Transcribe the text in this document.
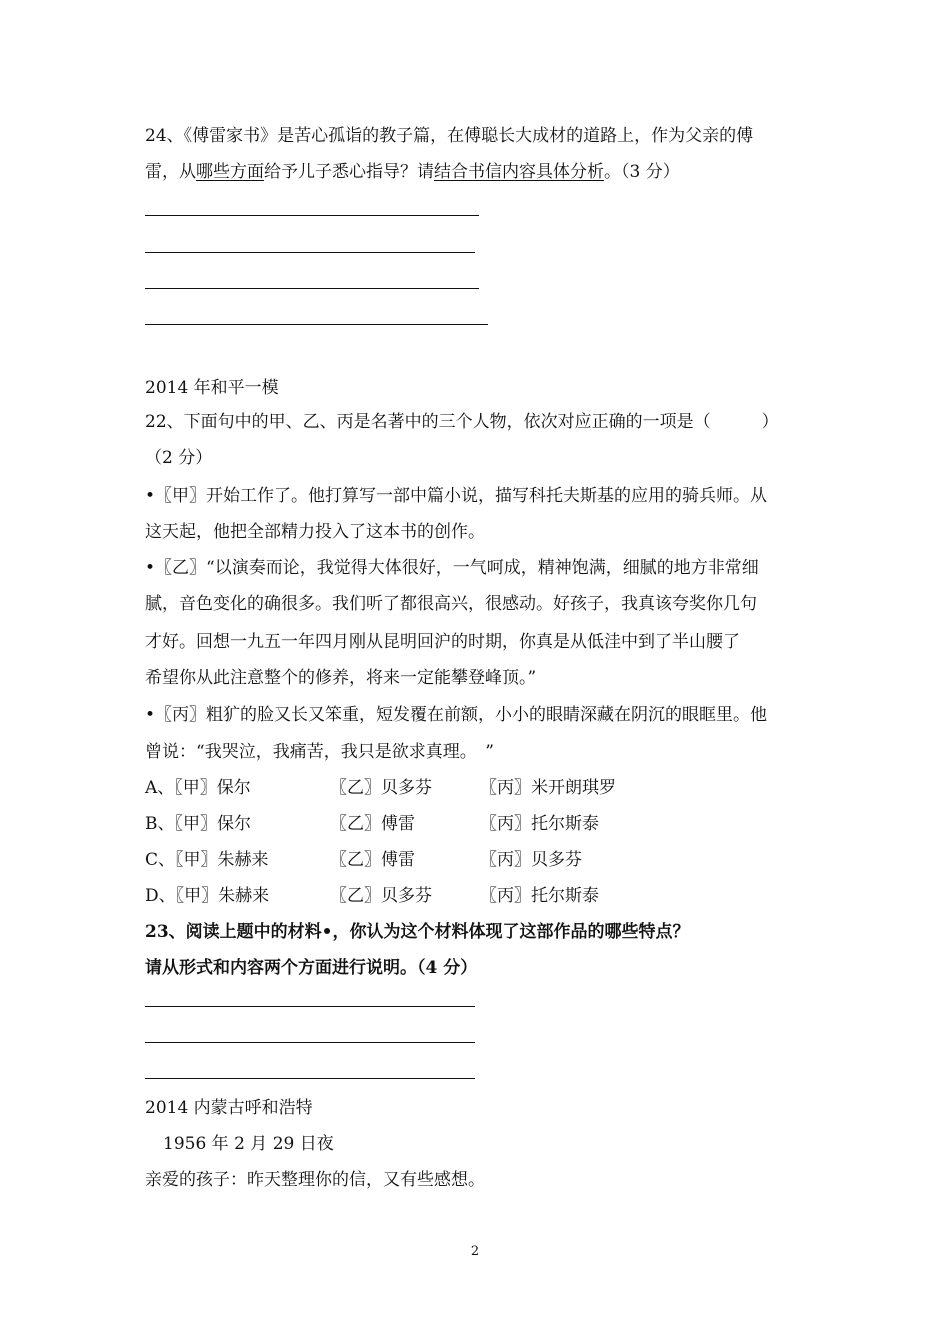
24、《傅雷家书》是苦心孤诣的教子篇，在傅聪长大成材的道路上，作为父亲的傅
雷，从哪些方面给予儿子悉心指导？请结合书信内容具体分析。（3 分）
2014 年和平一模
22、下面句中的甲、乙、丙是名著中的三个人物，依次对应正确的一项是（　　　）
（2 分）
•〖甲〗开始工作了。他打算写一部中篇小说，描写科托夫斯基的应用的骑兵师。从
这天起，他把全部精力投入了这本书的创作。
•〖乙〗“以演奏而论，我觉得大体很好，一气呵成，精神饱满，细腻的地方非常细
腻，音色变化的确很多。我们听了都很高兴，很感动。好孩子，我真该夸奖你几句
才好。回想一九五一年四月刚从昆明回沪的时期，你真是从低洼中到了半山腰了
希望你从此注意整个的修养，将来一定能攀登峰顶。”
•〖丙〗粗犷的脸又长又笨重，短发覆在前额，小小的眼睛深藏在阴沉的眼眶里。他
曾说：“我哭泣，我痛苦，我只是欲求真理。　”
A、〖甲〗保尔	〖乙〗贝多芬	〖丙〗米开朗琪罗
B、〖甲〗保尔	〖乙〗傅雷	〖丙〗托尔斯泰
C、〖甲〗朱赫来	〖乙〗傅雷	〖丙〗贝多芬
D、〖甲〗朱赫来	〖乙〗贝多芬	〖丙〗托尔斯泰
23、阅读上题中的材料•，你认为这个材料体现了这部作品的哪些特点？
请从形式和内容两个方面进行说明。（4 分）
2014 内蒙古呼和浩特
1956 年 2 月 29 日夜
亲爱的孩子：昨天整理你的信，又有些感想。
2
